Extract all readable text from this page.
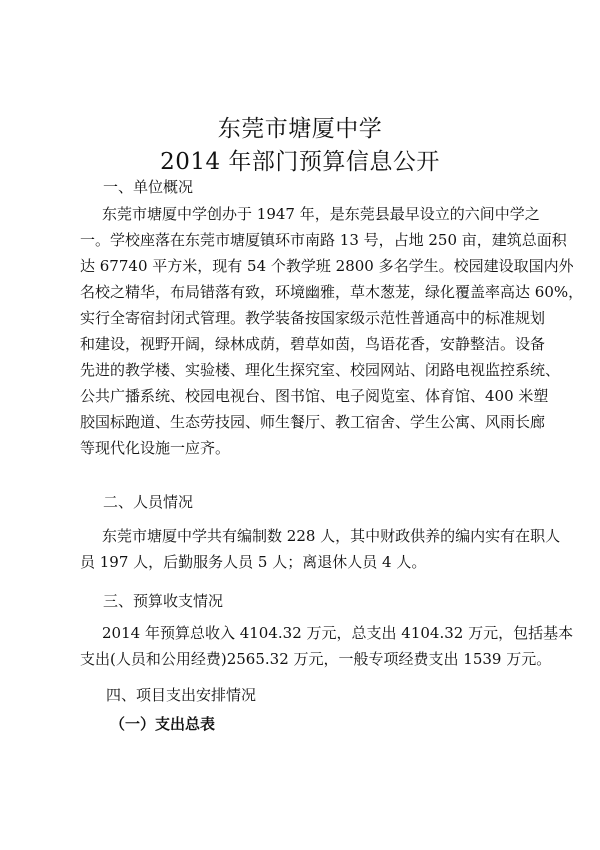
东莞市塘厦中学
2014 年部门预算信息公开
一、单位概况
东莞市塘厦中学创办于 1947 年，是东莞县最早设立的六间中学之
一。学校座落在东莞市塘厦镇环市南路 13 号，占地 250 亩，建筑总面积
达 67740 平方米，现有 54 个教学班 2800 多名学生。校园建设取国内外
名校之精华，布局错落有致，环境幽雅，草木葱茏，绿化覆盖率高达 60%，
实行全寄宿封闭式管理。教学装备按国家级示范性普通高中的标准规划
和建设，视野开阔，绿林成荫，碧草如茵，鸟语花香，安静整洁。设备
先进的教学楼、实验楼、理化生探究室、校园网站、闭路电视监控系统、
公共广播系统、校园电视台、图书馆、电子阅览室、体育馆、400 米塑
胶国标跑道、生态劳技园、师生餐厅、教工宿舍、学生公寓、风雨长廊
等现代化设施一应齐。
二、人员情况
东莞市塘厦中学共有编制数 228 人，其中财政供养的编内实有在职人
员 197 人，后勤服务人员 5 人；离退休人员 4 人。
三、预算收支情况
2014 年预算总收入 4104.32 万元，总支出 4104.32 万元，包括基本
支出(人员和公用经费)2565.32 万元，一般专项经费支出 1539 万元。
四、项目支出安排情况
（一）支出总表
